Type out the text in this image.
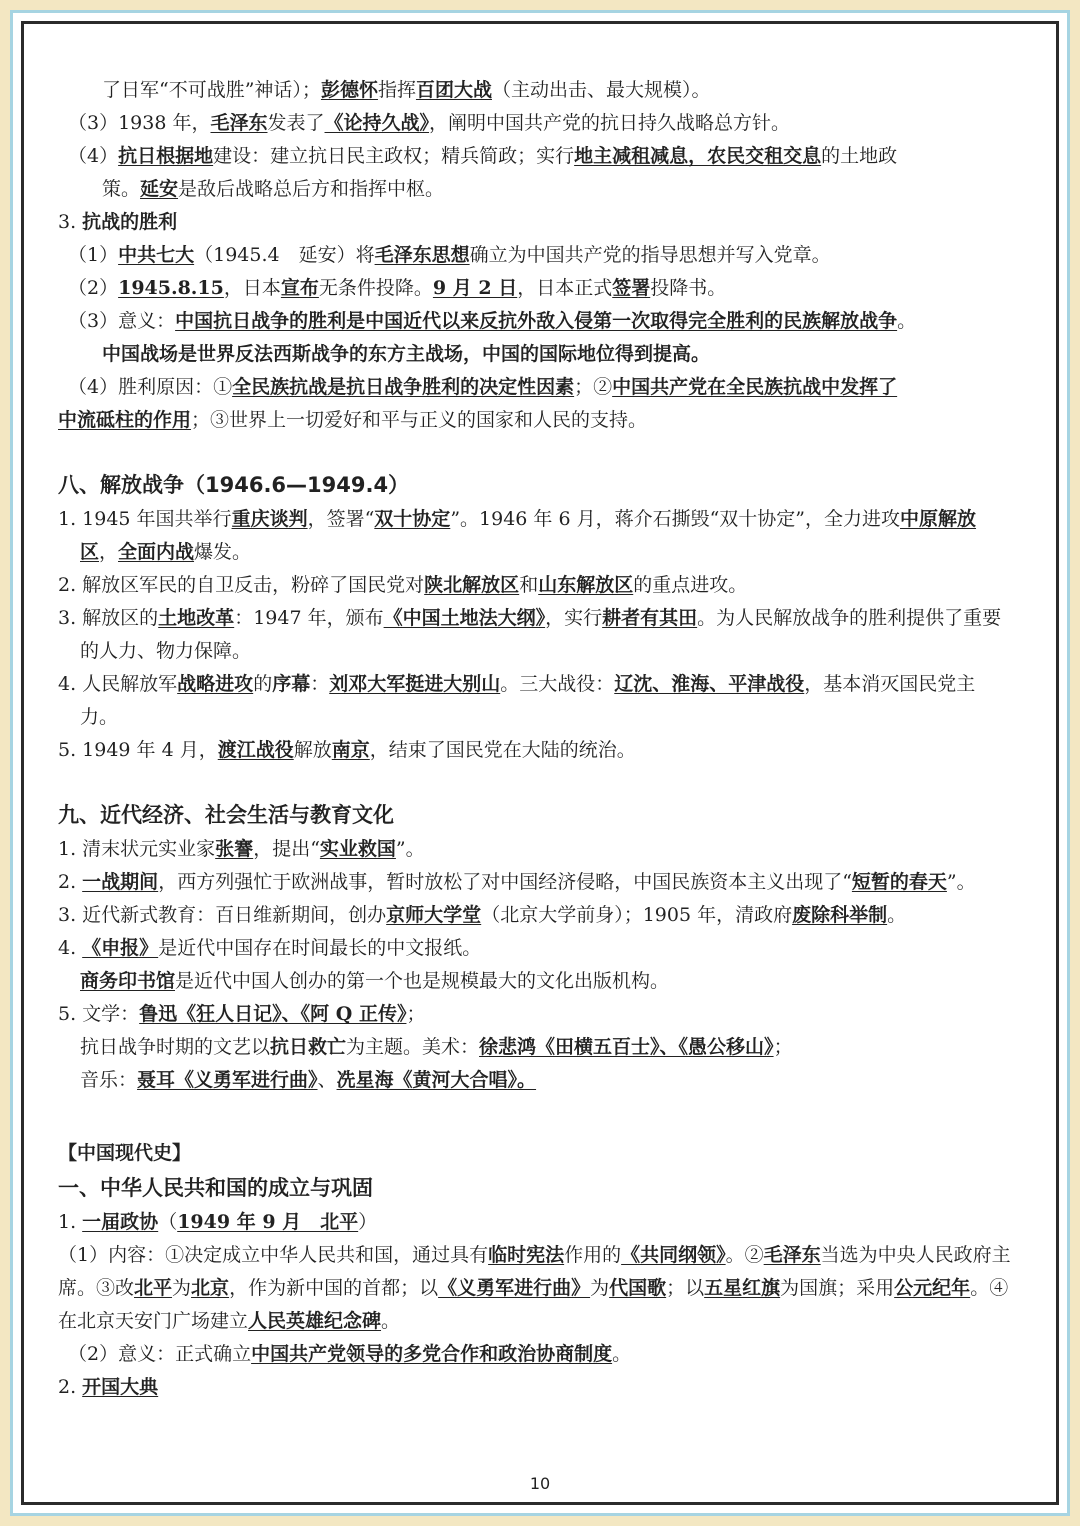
了日军“不可战胜”神话）；彭德怀指挥百团大战（主动出击、最大规模）。

（3）1938 年，毛泽东发表了《论持久战》，阐明中国共产党的抗日持久战略总方针。

（4）抗日根据地建设：建立抗日民主政权；精兵简政；实行地主减租减息，农民交租交息的土地政

策。延安是敌后战略总后方和指挥中枢。

3. 抗战的胜利

（1）中共七大（1945.4　延安）将毛泽东思想确立为中国共产党的指导思想并写入党章。

（2）1945.8.15，日本宣布无条件投降。9 月 2 日，日本正式签署投降书。

（3）意义：中国抗日战争的胜利是中国近代以来反抗外敌入侵第一次取得完全胜利的民族解放战争。

中国战场是世界反法西斯战争的东方主战场，中国的国际地位得到提高。

（4）胜利原因：①全民族抗战是抗日战争胜利的决定性因素；②中国共产党在全民族抗战中发挥了

中流砥柱的作用；③世界上一切爱好和平与正义的国家和人民的支持。

八、解放战争（1946.6—1949.4）

1. 1945 年国共举行重庆谈判，签署“双十协定”。1946 年 6 月，蒋介石撕毁“双十协定”，全力进攻中原解放区，全面内战爆发。

2. 解放区军民的自卫反击，粉碎了国民党对陕北解放区和山东解放区的重点进攻。

3. 解放区的土地改革：1947 年，颁布《中国土地法大纲》，实行耕者有其田。为人民解放战争的胜利提供了重要的人力、物力保障。

4. 人民解放军战略进攻的序幕：刘邓大军挺进大别山。三大战役：辽沈、淮海、平津战役，基本消灭国民党主力。

5. 1949 年 4 月，渡江战役解放南京，结束了国民党在大陆的统治。

九、近代经济、社会生活与教育文化

1. 清末状元实业家张謇，提出“实业救国”。

2. 一战期间，西方列强忙于欧洲战事，暂时放松了对中国经济侵略，中国民族资本主义出现了“短暂的春天”。

3. 近代新式教育：百日维新期间，创办京师大学堂（北京大学前身）；1905 年，清政府废除科举制。

4. 《申报》是近代中国存在时间最长的中文报纸。

商务印书馆是近代中国人创办的第一个也是规模最大的文化出版机构。

5. 文学：鲁迅《狂人日记》、《阿 Q 正传》；

抗日战争时期的文艺以抗日救亡为主题。美术：徐悲鸿《田横五百士》、《愚公移山》；

音乐：聂耳《义勇军进行曲》、冼星海《黄河大合唱》。

【中国现代史】

一、中华人民共和国的成立与巩固

1. 一届政协（1949 年 9 月　北平）

（1）内容：①决定成立中华人民共和国，通过具有临时宪法作用的《共同纲领》。②毛泽东当选为中央人民政府主席。③改北平为北京，作为新中国的首都；以《义勇军进行曲》为代国歌；以五星红旗为国旗；采用公元纪年。④在北京天安门广场建立人民英雄纪念碑。

（2）意义：正式确立中国共产党领导的多党合作和政治协商制度。

2. 开国大典

10
